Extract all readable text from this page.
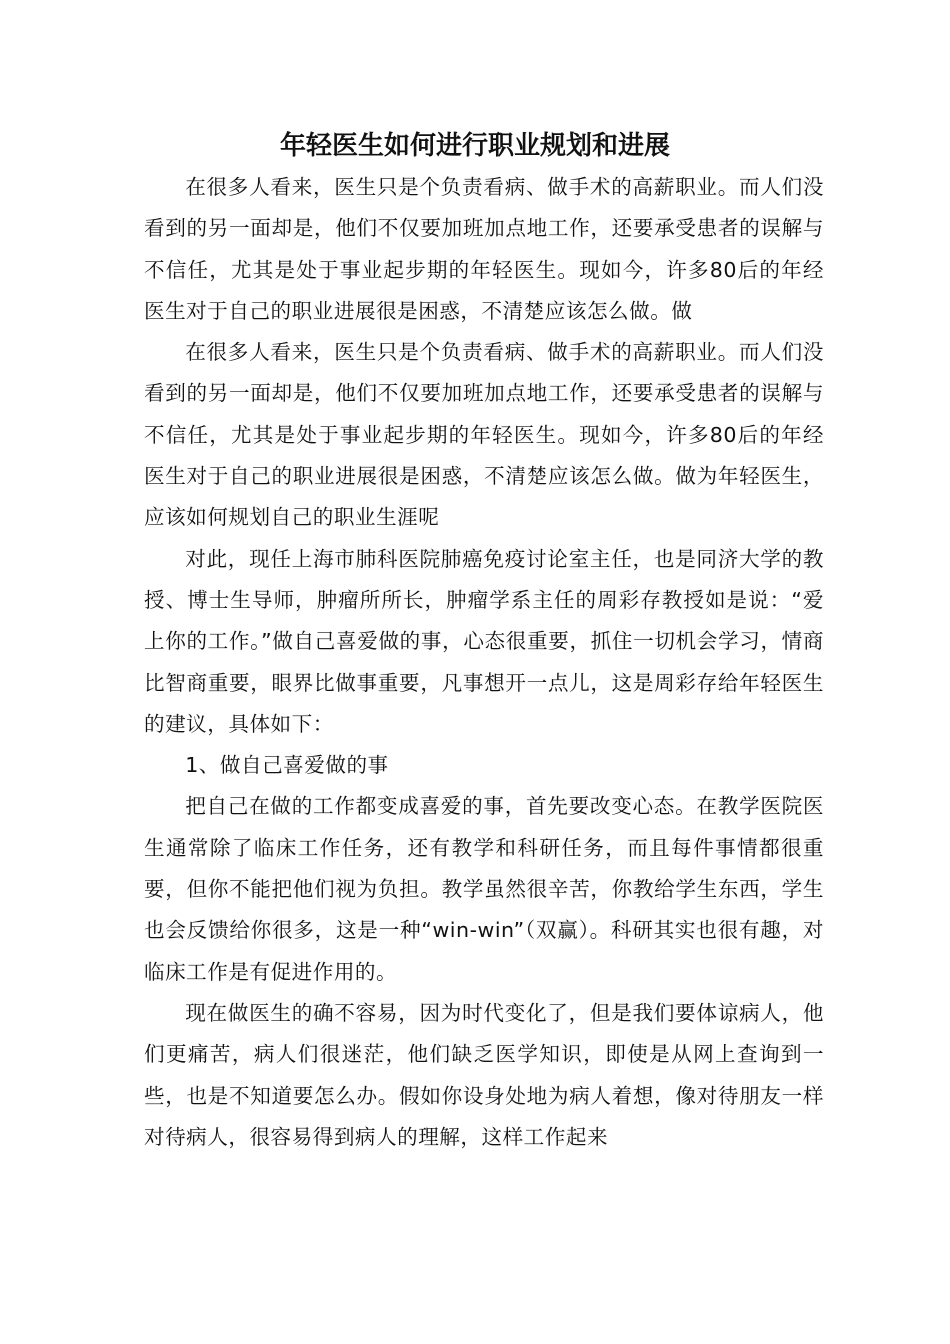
年轻医生如何进行职业规划和进展

在很多人看来，医生只是个负责看病、做手术的高薪职业。而人们没看到的另一面却是，他们不仅要加班加点地工作，还要承受患者的误解与不信任，尤其是处于事业起步期的年轻医生。现如今，许多80后的年经医生对于自己的职业进展很是困惑，不清楚应该怎么做。做

在很多人看来，医生只是个负责看病、做手术的高薪职业。而人们没看到的另一面却是，他们不仅要加班加点地工作，还要承受患者的误解与不信任，尤其是处于事业起步期的年轻医生。现如今，许多80后的年经医生对于自己的职业进展很是困惑，不清楚应该怎么做。做为年轻医生，应该如何规划自己的职业生涯呢

对此，现任上海市肺科医院肺癌免疫讨论室主任，也是同济大学的教授、博士生导师，肿瘤所所长，肿瘤学系主任的周彩存教授如是说：“爱上你的工作。”做自己喜爱做的事，心态很重要，抓住一切机会学习，情商比智商重要，眼界比做事重要，凡事想开一点儿，这是周彩存给年轻医生的建议，具体如下：

1、做自己喜爱做的事

把自己在做的工作都变成喜爱的事，首先要改变心态。在教学医院医生通常除了临床工作任务，还有教学和科研任务，而且每件事情都很重要，但你不能把他们视为负担。教学虽然很辛苦，你教给学生东西，学生也会反馈给你很多，这是一种“win-win”（双赢）。科研其实也很有趣，对临床工作是有促进作用的。

现在做医生的确不容易，因为时代变化了，但是我们要体谅病人，他们更痛苦，病人们很迷茫，他们缺乏医学知识，即使是从网上查询到一些，也是不知道要怎么办。假如你设身处地为病人着想，像对待朋友一样对待病人，很容易得到病人的理解，这样工作起来
